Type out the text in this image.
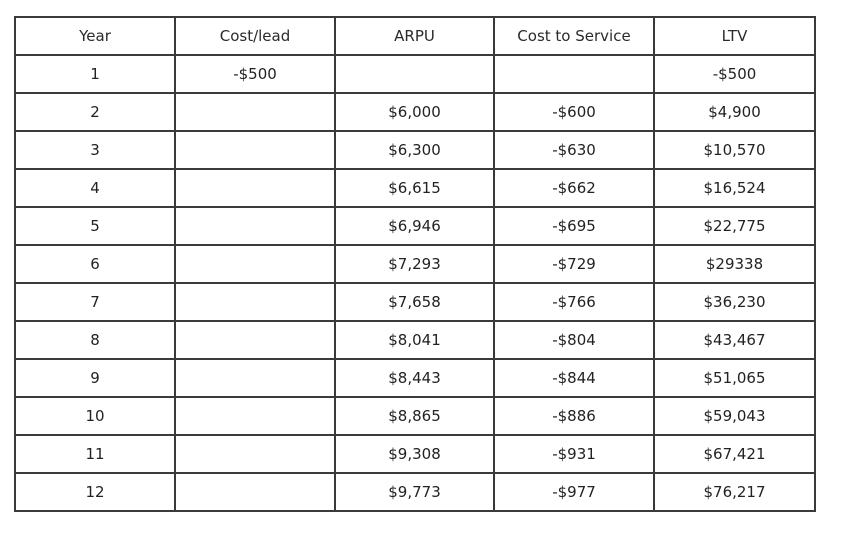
Year	Cost/lead	ARPU	Cost to Service	LTV
1	-$500			-$500
2		$6,000	-$600	$4,900
3		$6,300	-$630	$10,570
4		$6,615	-$662	$16,524
5		$6,946	-$695	$22,775
6		$7,293	-$729	$29338
7		$7,658	-$766	$36,230
8		$8,041	-$804	$43,467
9		$8,443	-$844	$51,065
10		$8,865	-$886	$59,043
11		$9,308	-$931	$67,421
12		$9,773	-$977	$76,217
